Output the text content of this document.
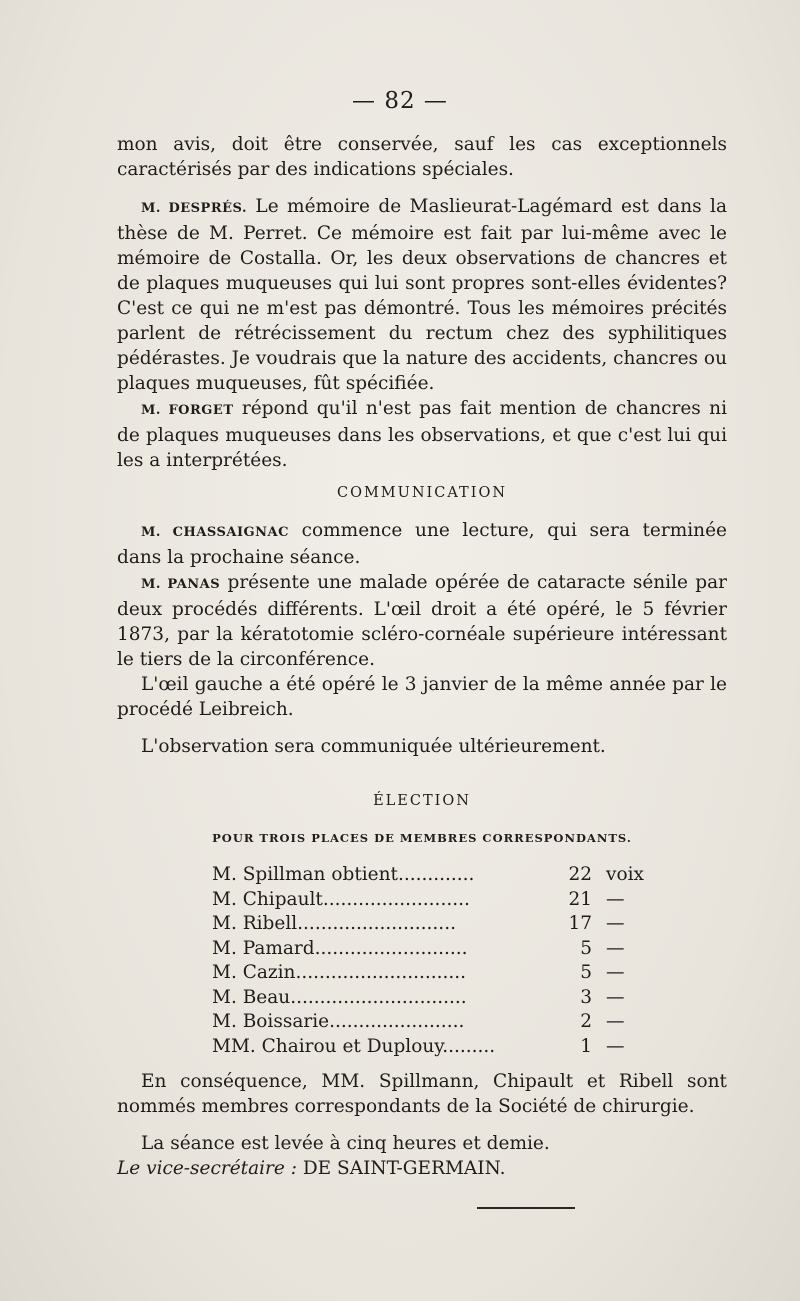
— 82 —

mon avis, doit être conservée, sauf les cas exceptionnels caractérisés par des indications spéciales.

M. DESPRÉS. Le mémoire de Maslieurat-Lagémard est dans la thèse de M. Perret. Ce mémoire est fait par lui-même avec le mémoire de Costalla. Or, les deux observations de chancres et de plaques muqueuses qui lui sont propres sont-elles évidentes? C'est ce qui ne m'est pas démontré. Tous les mémoires précités parlent de rétrécissement du rectum chez des syphilitiques pédérastes. Je voudrais que la nature des accidents, chancres ou plaques muqueuses, fût spécifiée.

M. FORGET répond qu'il n'est pas fait mention de chancres ni de plaques muqueuses dans les observations, et que c'est lui qui les a interprétées.

COMMUNICATION

M. CHASSAIGNAC commence une lecture, qui sera terminée dans la prochaine séance.

M. PANAS présente une malade opérée de cataracte sénile par deux procédés différents. L'œil droit a été opéré, le 5 février 1873, par la kératotomie scléro-cornéale supérieure intéressant le tiers de la circonférence.

L'œil gauche a été opéré le 3 janvier de la même année par le procédé Leibreich.

L'observation sera communiquée ultérieurement.

ÉLECTION
POUR TROIS PLACES DE MEMBRES CORRESPONDANTS.
M. Spillman obtient.............	22	voix
M. Chipault.........................	21	—
M. Ribell...........................	17	—
M. Pamard..........................	5	—
M. Cazin.............................	5	—
M. Beau..............................	3	—
M. Boissarie.......................	2	—
MM. Chairou et Duplouy.........	1	—

En conséquence, MM. Spillmann, Chipault et Ribell sont nommés membres correspondants de la Société de chirurgie.

La séance est levée à cinq heures et demie.

Le vice-secrétaire : DE SAINT-GERMAIN.
